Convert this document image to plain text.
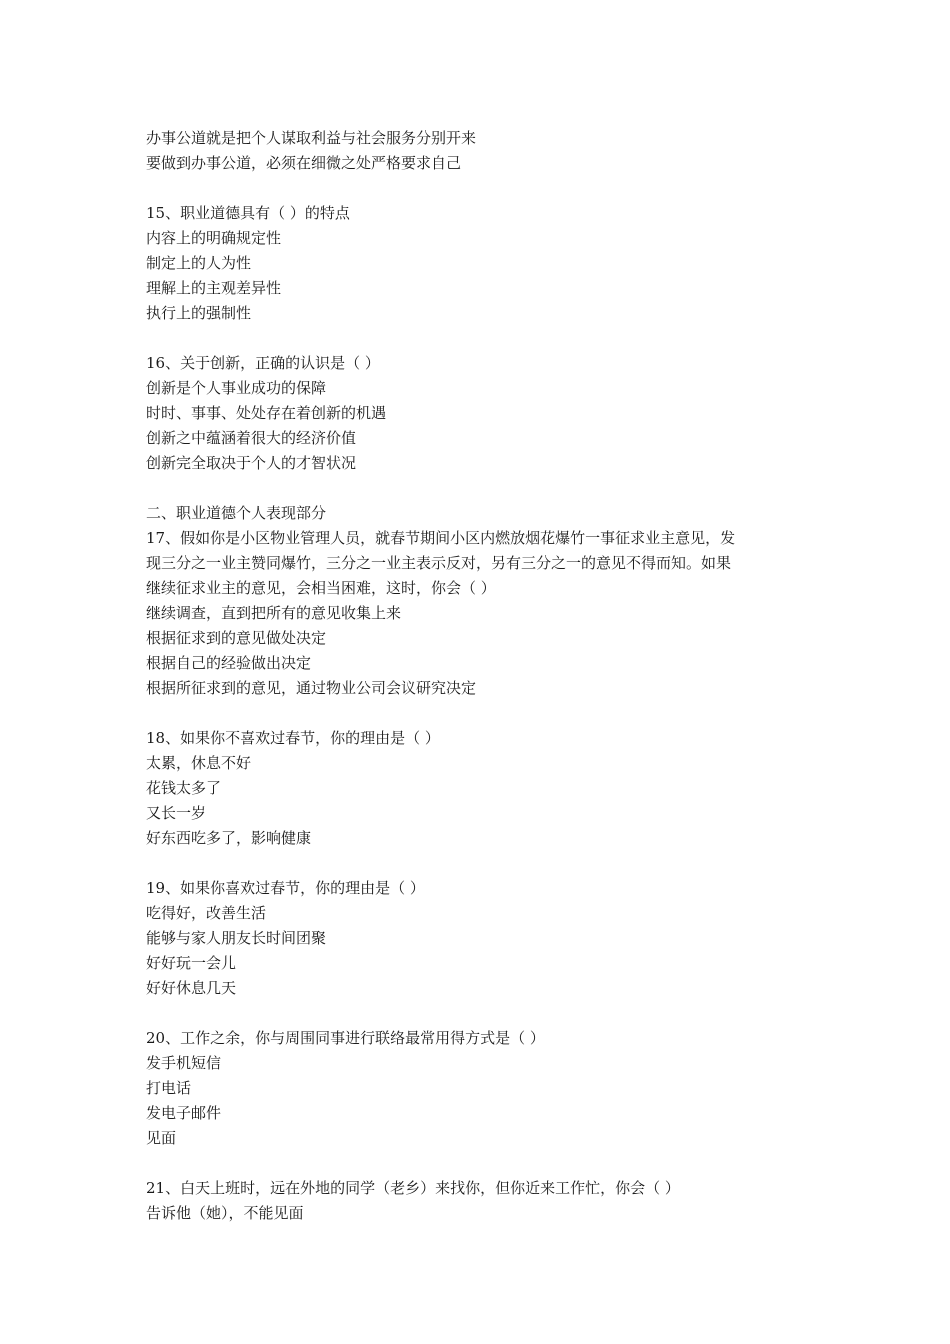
办事公道就是把个人谋取利益与社会服务分别开来
要做到办事公道，必须在细微之处严格要求自己
15、职业道德具有（ ）的特点
内容上的明确规定性
制定上的人为性
理解上的主观差异性
执行上的强制性
16、关于创新，正确的认识是（ ）
创新是个人事业成功的保障
时时、事事、处处存在着创新的机遇
创新之中蕴涵着很大的经济价值
创新完全取决于个人的才智状况
二、职业道德个人表现部分
17、假如你是小区物业管理人员，就春节期间小区内燃放烟花爆竹一事征求业主意见，发
现三分之一业主赞同爆竹，三分之一业主表示反对，另有三分之一的意见不得而知。如果
继续征求业主的意见，会相当困难，这时，你会（ ）
继续调查，直到把所有的意见收集上来
根据征求到的意见做处决定
根据自己的经验做出决定
根据所征求到的意见，通过物业公司会议研究决定
18、如果你不喜欢过春节，你的理由是（ ）
太累，休息不好
花钱太多了
又长一岁
好东西吃多了，影响健康
19、如果你喜欢过春节，你的理由是（ ）
吃得好，改善生活
能够与家人朋友长时间团聚
好好玩一会儿
好好休息几天
20、工作之余，你与周围同事进行联络最常用得方式是（ ）
发手机短信
打电话
发电子邮件
见面
21、白天上班时，远在外地的同学（老乡）来找你，但你近来工作忙，你会（ ）
告诉他（她），不能见面
